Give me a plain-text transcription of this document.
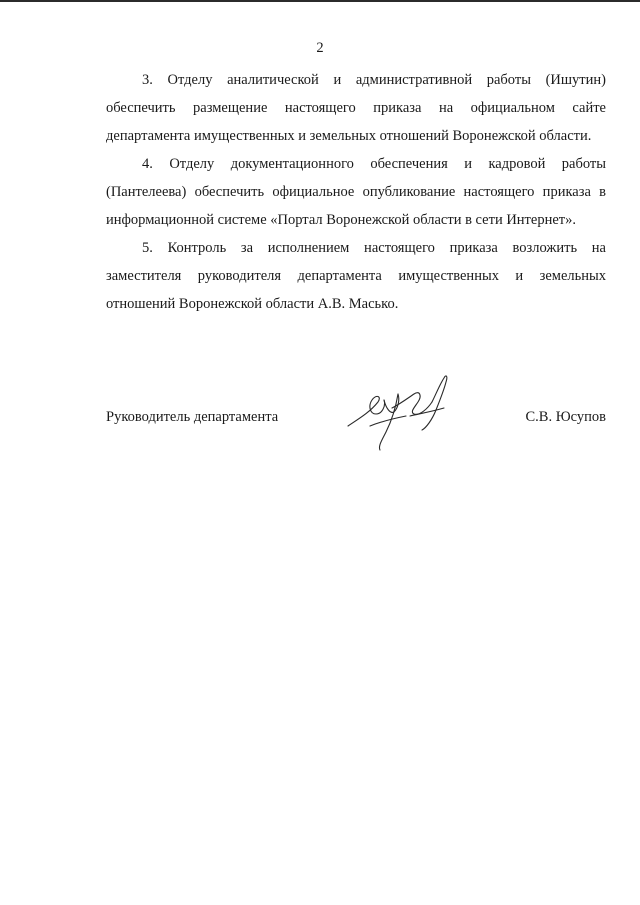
2

3. Отделу аналитической и административной работы (Ишутин) обеспечить размещение настоящего приказа на официальном сайте департамента имущественных и земельных отношений Воронежской области.

4. Отделу документационного обеспечения и кадровой работы (Пантелеева) обеспечить официальное опубликование настоящего приказа в информационной системе «Портал Воронежской области в сети Интернет».

5. Контроль за исполнением настоящего приказа возложить на заместителя руководителя департамента имущественных и земельных отношений Воронежской области А.В. Масько.

Руководитель департамента	С.В. Юсупов
